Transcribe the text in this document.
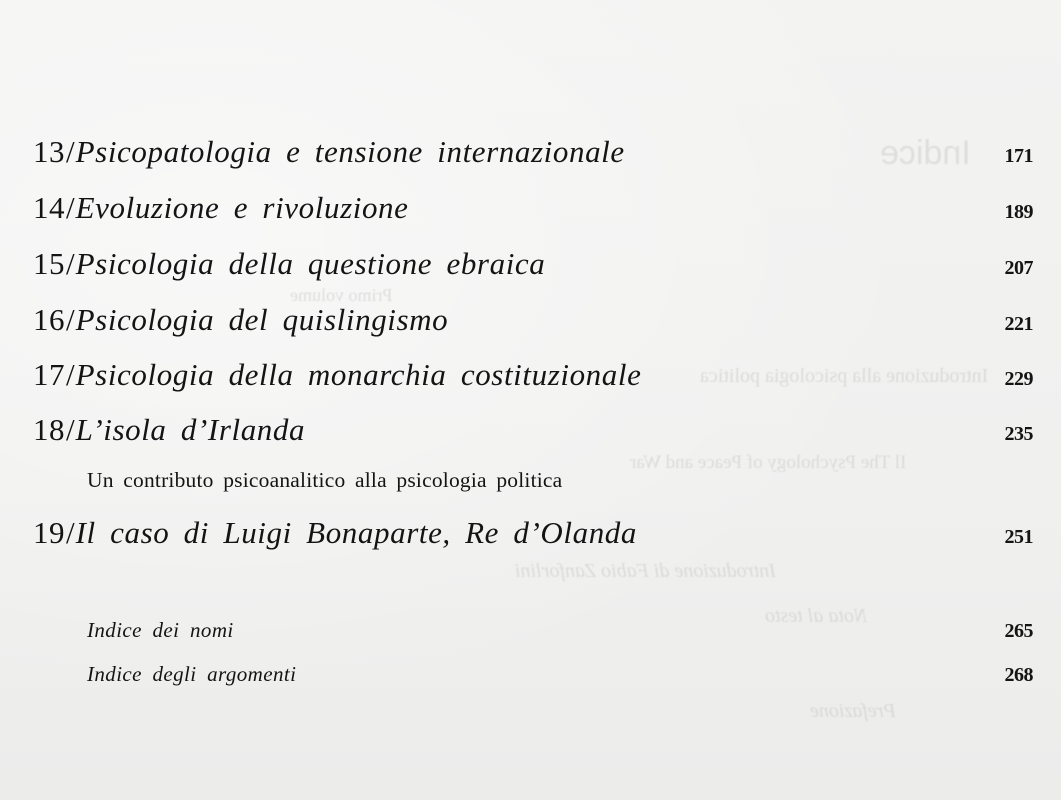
Indice
Primo volume
Introduzione alla psicologia politica
Il The Psychology of Peace and War
Introduzione di Fabio Zanforlini
Nota al testo
Prefazione
13 / Psicopatologia e tensione internazionale	171
14 / Evoluzione e rivoluzione	189
15 / Psicologia della questione ebraica	207
16 / Psicologia del quislingismo	221
17 / Psicologia della monarchia costituzionale	229
18 / L’isola d’Irlanda	235
Un contributo psicoanalitico alla psicologia politica
19 / Il caso di Luigi Bonaparte, Re d’Olanda	251
Indice dei nomi	265
Indice degli argomenti	268
